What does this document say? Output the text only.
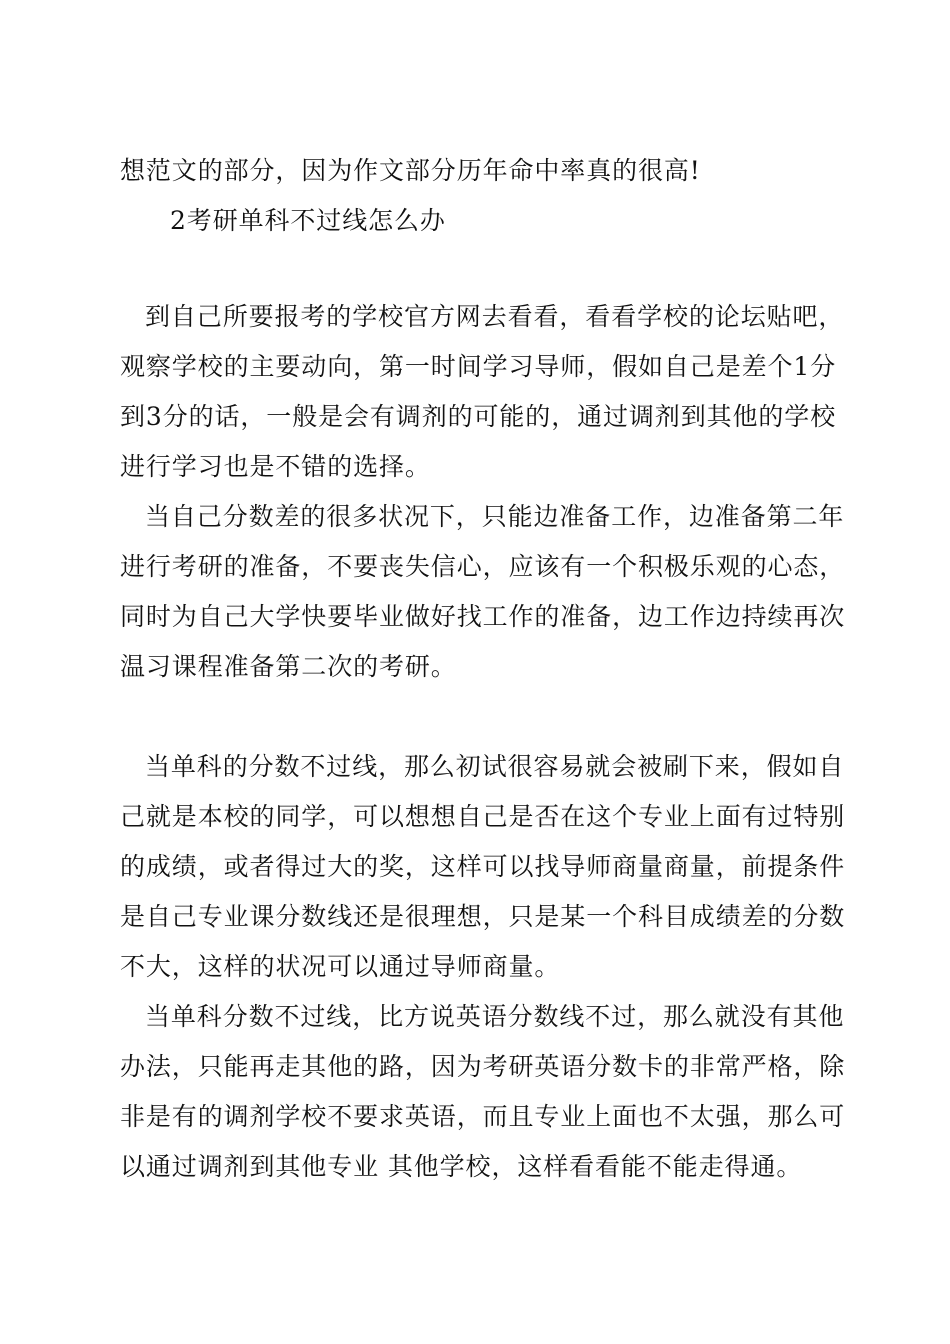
想范文的部分，因为作文部分历年命中率真的很高!
2考研单科不过线怎么办
到自己所要报考的学校官方网去看看，看看学校的论坛贴吧，
观察学校的主要动向，第一时间学习导师，假如自己是差个1分
到3分的话，一般是会有调剂的可能的，通过调剂到其他的学校
进行学习也是不错的选择。
当自己分数差的很多状况下，只能边准备工作，边准备第二年
进行考研的准备，不要丧失信心，应该有一个积极乐观的心态，
同时为自己大学快要毕业做好找工作的准备，边工作边持续再次
温习课程准备第二次的考研。
当单科的分数不过线，那么初试很容易就会被刷下来，假如自
己就是本校的同学，可以想想自己是否在这个专业上面有过特别
的成绩，或者得过大的奖，这样可以找导师商量商量，前提条件
是自己专业课分数线还是很理想，只是某一个科目成绩差的分数
不大，这样的状况可以通过导师商量。
当单科分数不过线，比方说英语分数线不过，那么就没有其他
办法，只能再走其他的路，因为考研英语分数卡的非常严格，除
非是有的调剂学校不要求英语，而且专业上面也不太强，那么可
以通过调剂到其他专业 其他学校，这样看看能不能走得通。
